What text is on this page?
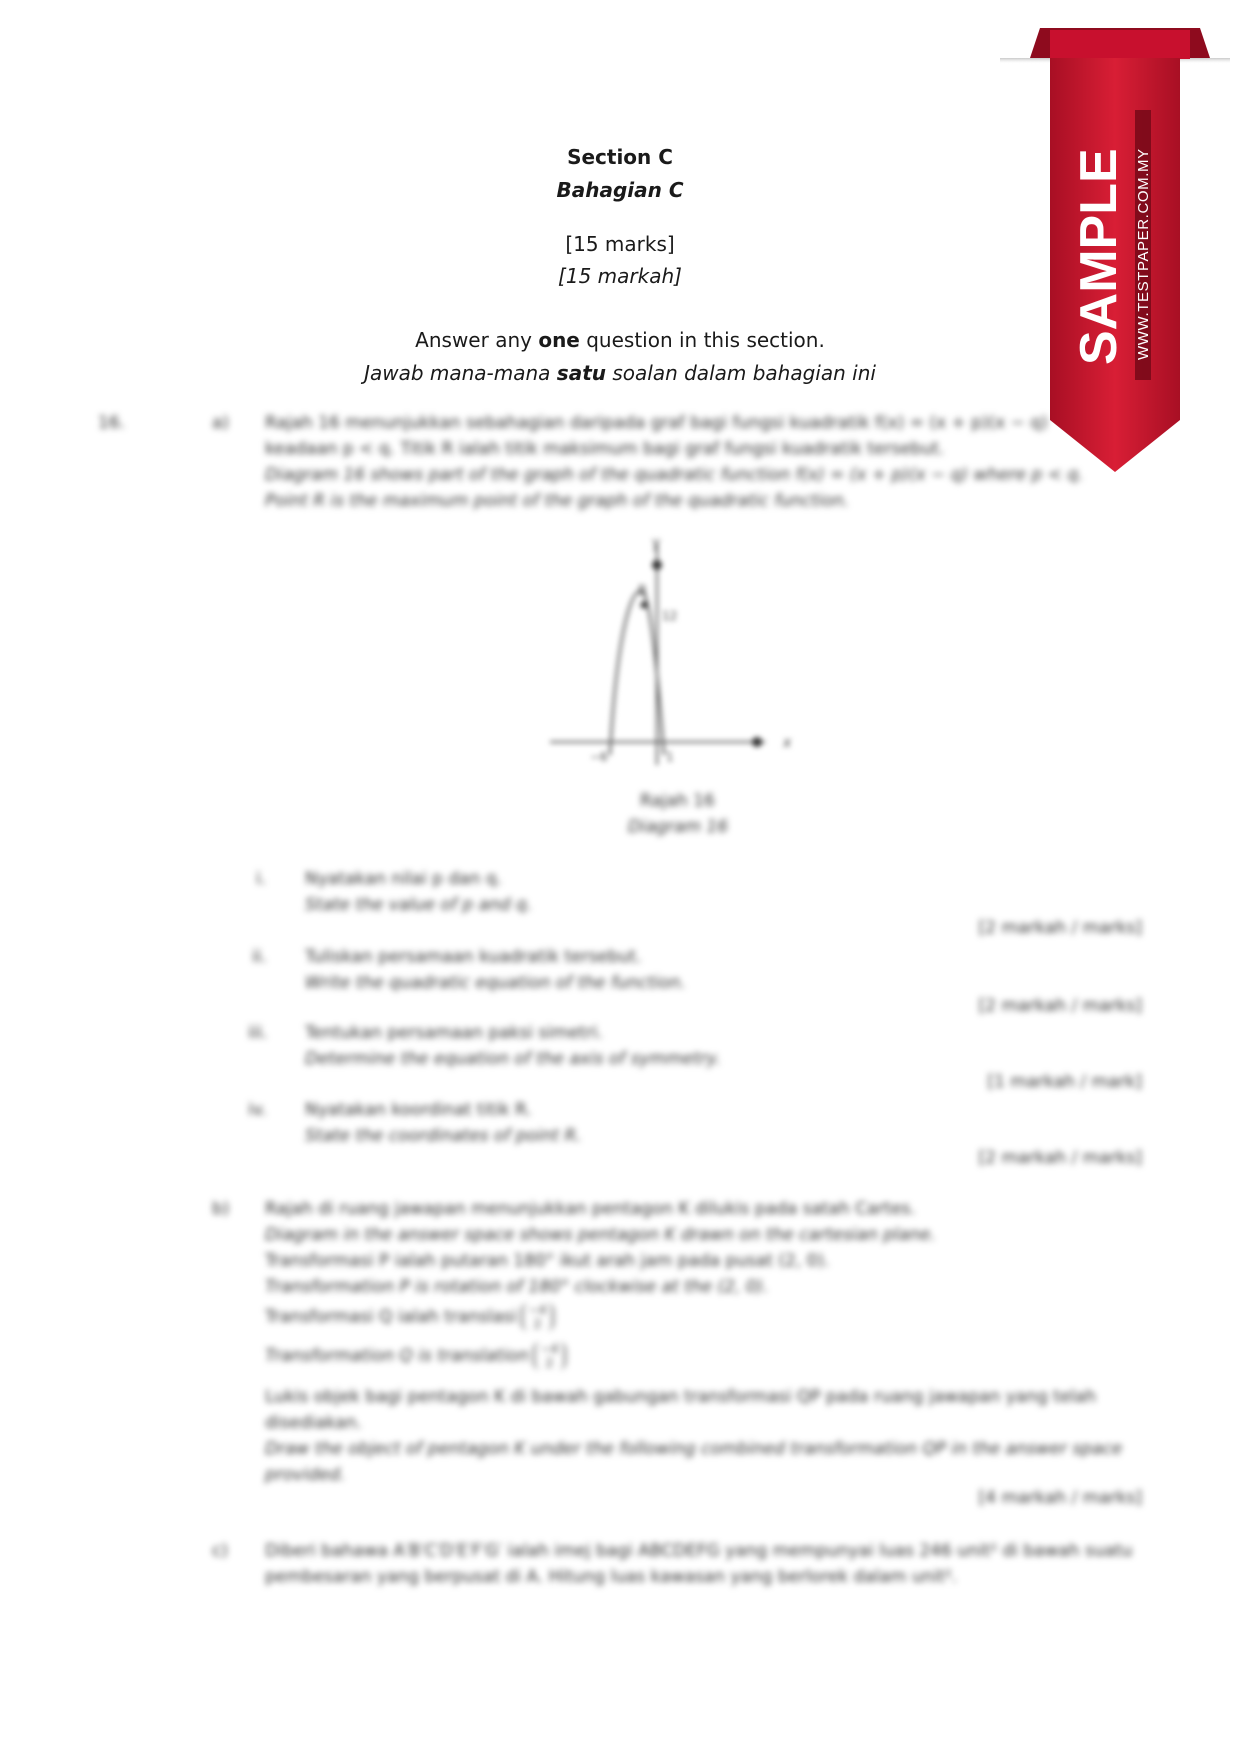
Section C
Bahagian C
[15 marks]
[15 markah]
Answer any one question in this section.
Jawab mana-mana satu soalan dalam bahagian ini
16.	a) Rajah 16 menunjukkan sebahagian daripada graf bagi fungsi kuadratik f(x) = (x + p)(x − q)
keadaan p < q. Titik R ialah titik maksimum bagi graf fungsi kuadratik tersebut.
Diagram 16 shows part of the graph of the quadratic function f(x) = (x + p)(x − q) where p < q.
Point R is the maximum point of the graph of the quadratic function.
y
x
R
12
−6	1
Rajah 16
Diagram 16
i. Nyatakan nilai p dan q.
State the value of p and q.
[2 markah / marks]
ii. Tuliskan persamaan kuadratik tersebut.
Write the quadratic equation of the function.
[2 markah / marks]
iii. Tentukan persamaan paksi simetri.
Determine the equation of the axis of symmetry.
[1 markah / mark]
iv. Nyatakan koordinat titik R.
State the coordinates of point R.
[2 markah / marks]
b) Rajah di ruang jawapan menunjukkan pentagon K dilukis pada satah Cartes.
Diagram in the answer space shows pentagon K drawn on the cartesian plane.
Transformasi P ialah putaran 180° ikut arah jam pada pusat (2, 0).
Transformation P is rotation of 180° clockwise at the (2, 0).
Transformasi Q ialah translasi −4
2
Transformation Q is translation −4
2
Lukis objek bagi pentagon K di bawah gabungan transformasi QP pada ruang jawapan yang telah
disediakan.
Draw the object of pentagon K under the following combined transformation QP in the answer space
provided.
[4 markah / marks]
c) Diberi bahawa A′B′C′D′E′F′G′ ialah imej bagi ABCDEFG yang mempunyai luas 246 unit² di bawah suatu
pembesaran yang berpusat di A. Hitung luas kawasan yang berlorek dalam unit².
SAMPLE WWW.TESTPAPER.COM.MY
